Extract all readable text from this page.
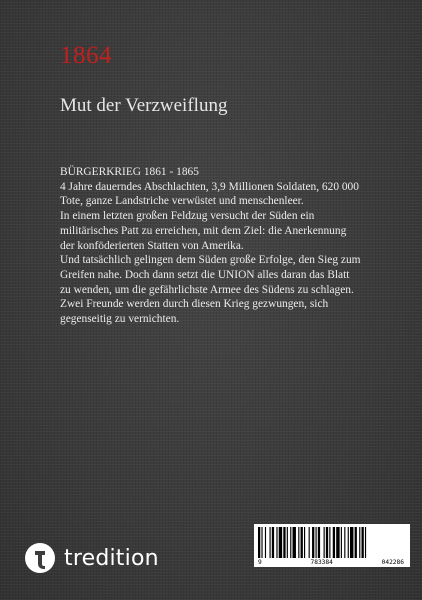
1864
Mut der Verzweiflung

BÜRGERKRIEG 1861 - 1865

4 Jahre dauerndes Abschlachten, 3,9 Millionen Soldaten, 620 000

Tote, ganze Landstriche verwüstet und menschenleer.

In einem letzten großen Feldzug versucht der Süden ein

militärisches Patt zu erreichen, mit dem Ziel: die Anerkennung

der konföderierten Statten von Amerika.

Und tatsächlich gelingen dem Süden große Erfolge, den Sieg zum

Greifen nahe. Doch dann setzt die UNION alles daran das Blatt

zu wenden, um die gefährlichste Armee des Südens zu schlagen.

Zwei Freunde werden durch diesen Krieg gezwungen, sich

gegenseitig zu vernichten.

9	783384	042286
tredition
